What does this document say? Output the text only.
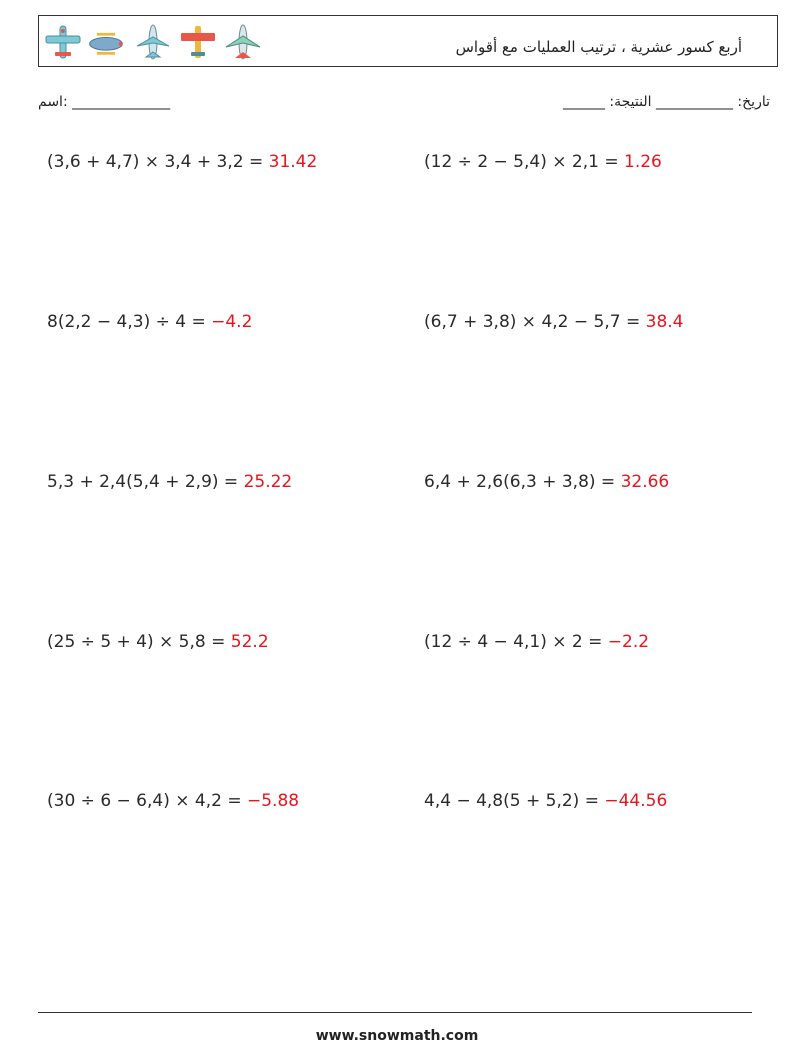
أربع كسور عشرية ، ترتيب العمليات مع أقواس
اسم: ______________	______ :تاريخ: ___________ النتيجة
(3,6 + 4,7) × 3,4 + 3,2 = 31.42	(12 ÷ 2 − 5,4) × 2,1 = 1.26
8(2,2 − 4,3) ÷ 4 = −4.2	(6,7 + 3,8) × 4,2 − 5,7 = 38.4
5,3 + 2,4(5,4 + 2,9) = 25.22	6,4 + 2,6(6,3 + 3,8) = 32.66
(25 ÷ 5 + 4) × 5,8 = 52.2	(12 ÷ 4 − 4,1) × 2 = −2.2
(30 ÷ 6 − 6,4) × 4,2 = −5.88	4,4 − 4,8(5 + 5,2) = −44.56
www.snowmath.com
